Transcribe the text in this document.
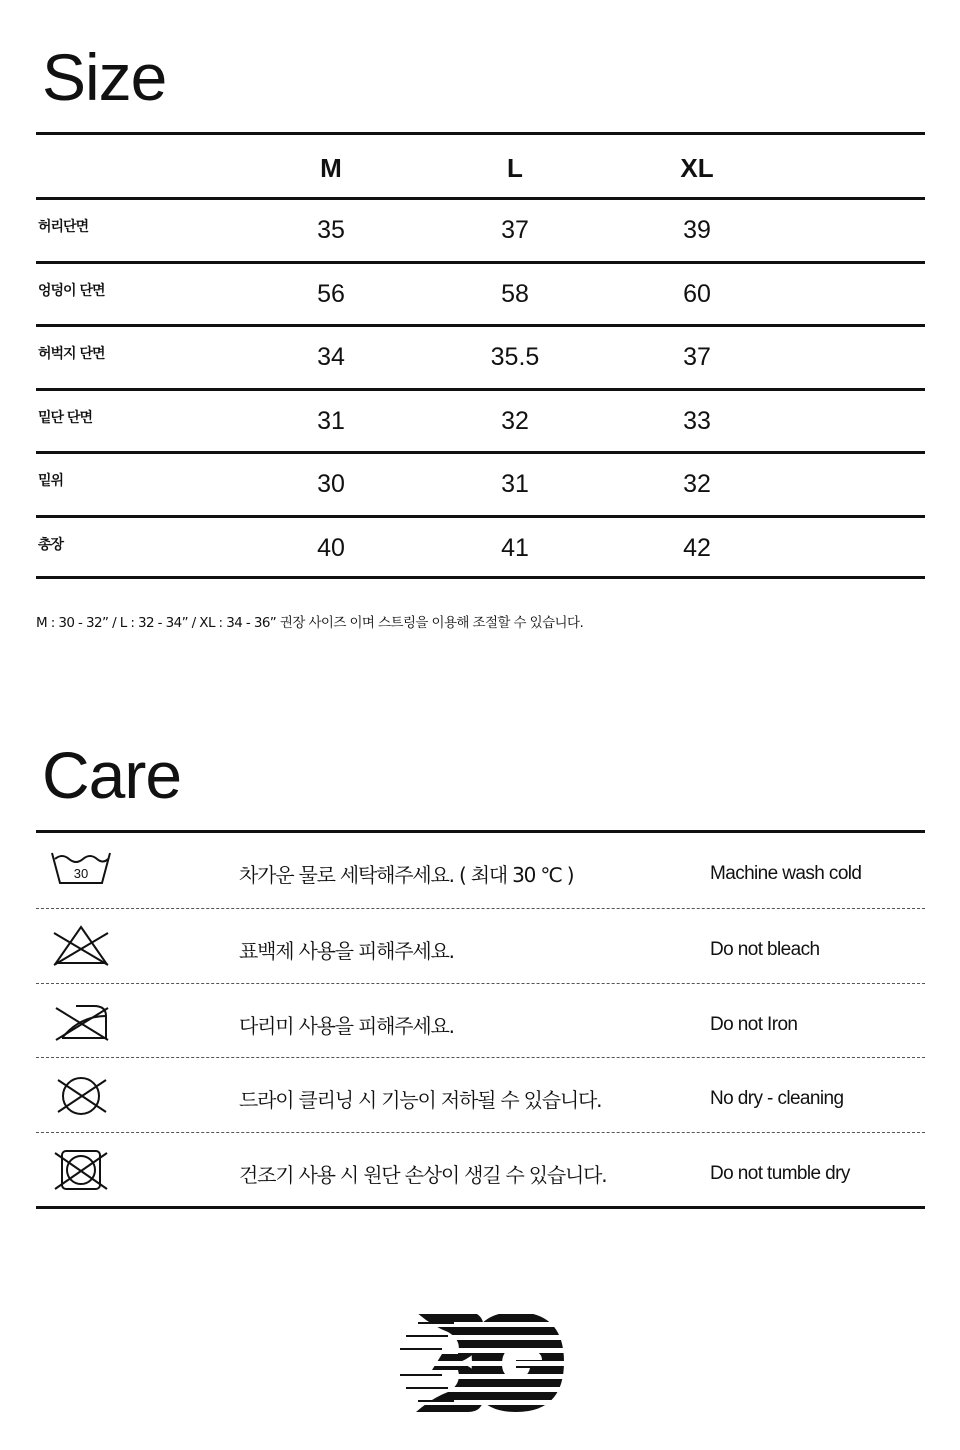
Size
M	L	XL
허리단면	35	37	39
엉덩이 단면	56	58	60
허벅지 단면	34	35.5	37
밑단 단면	31	32	33
밑위	30	31	32
총장	40	41	42
M : 30 - 32” / L : 32 - 34” / XL : 34 - 36” 권장 사이즈 이며 스트링을 이용해 조절할 수 있습니다.
Care
30	차가운 물로 세탁해주세요. ( 최대 30 ℃ )	Machine wash cold
표백제 사용을 피해주세요.	Do not bleach
다리미 사용을 피해주세요.	Do not Iron
드라이 클리닝 시 기능이 저하될 수 있습니다.	No dry - cleaning
건조기 사용 시 원단 손상이 생길 수 있습니다.	Do not tumble dry
